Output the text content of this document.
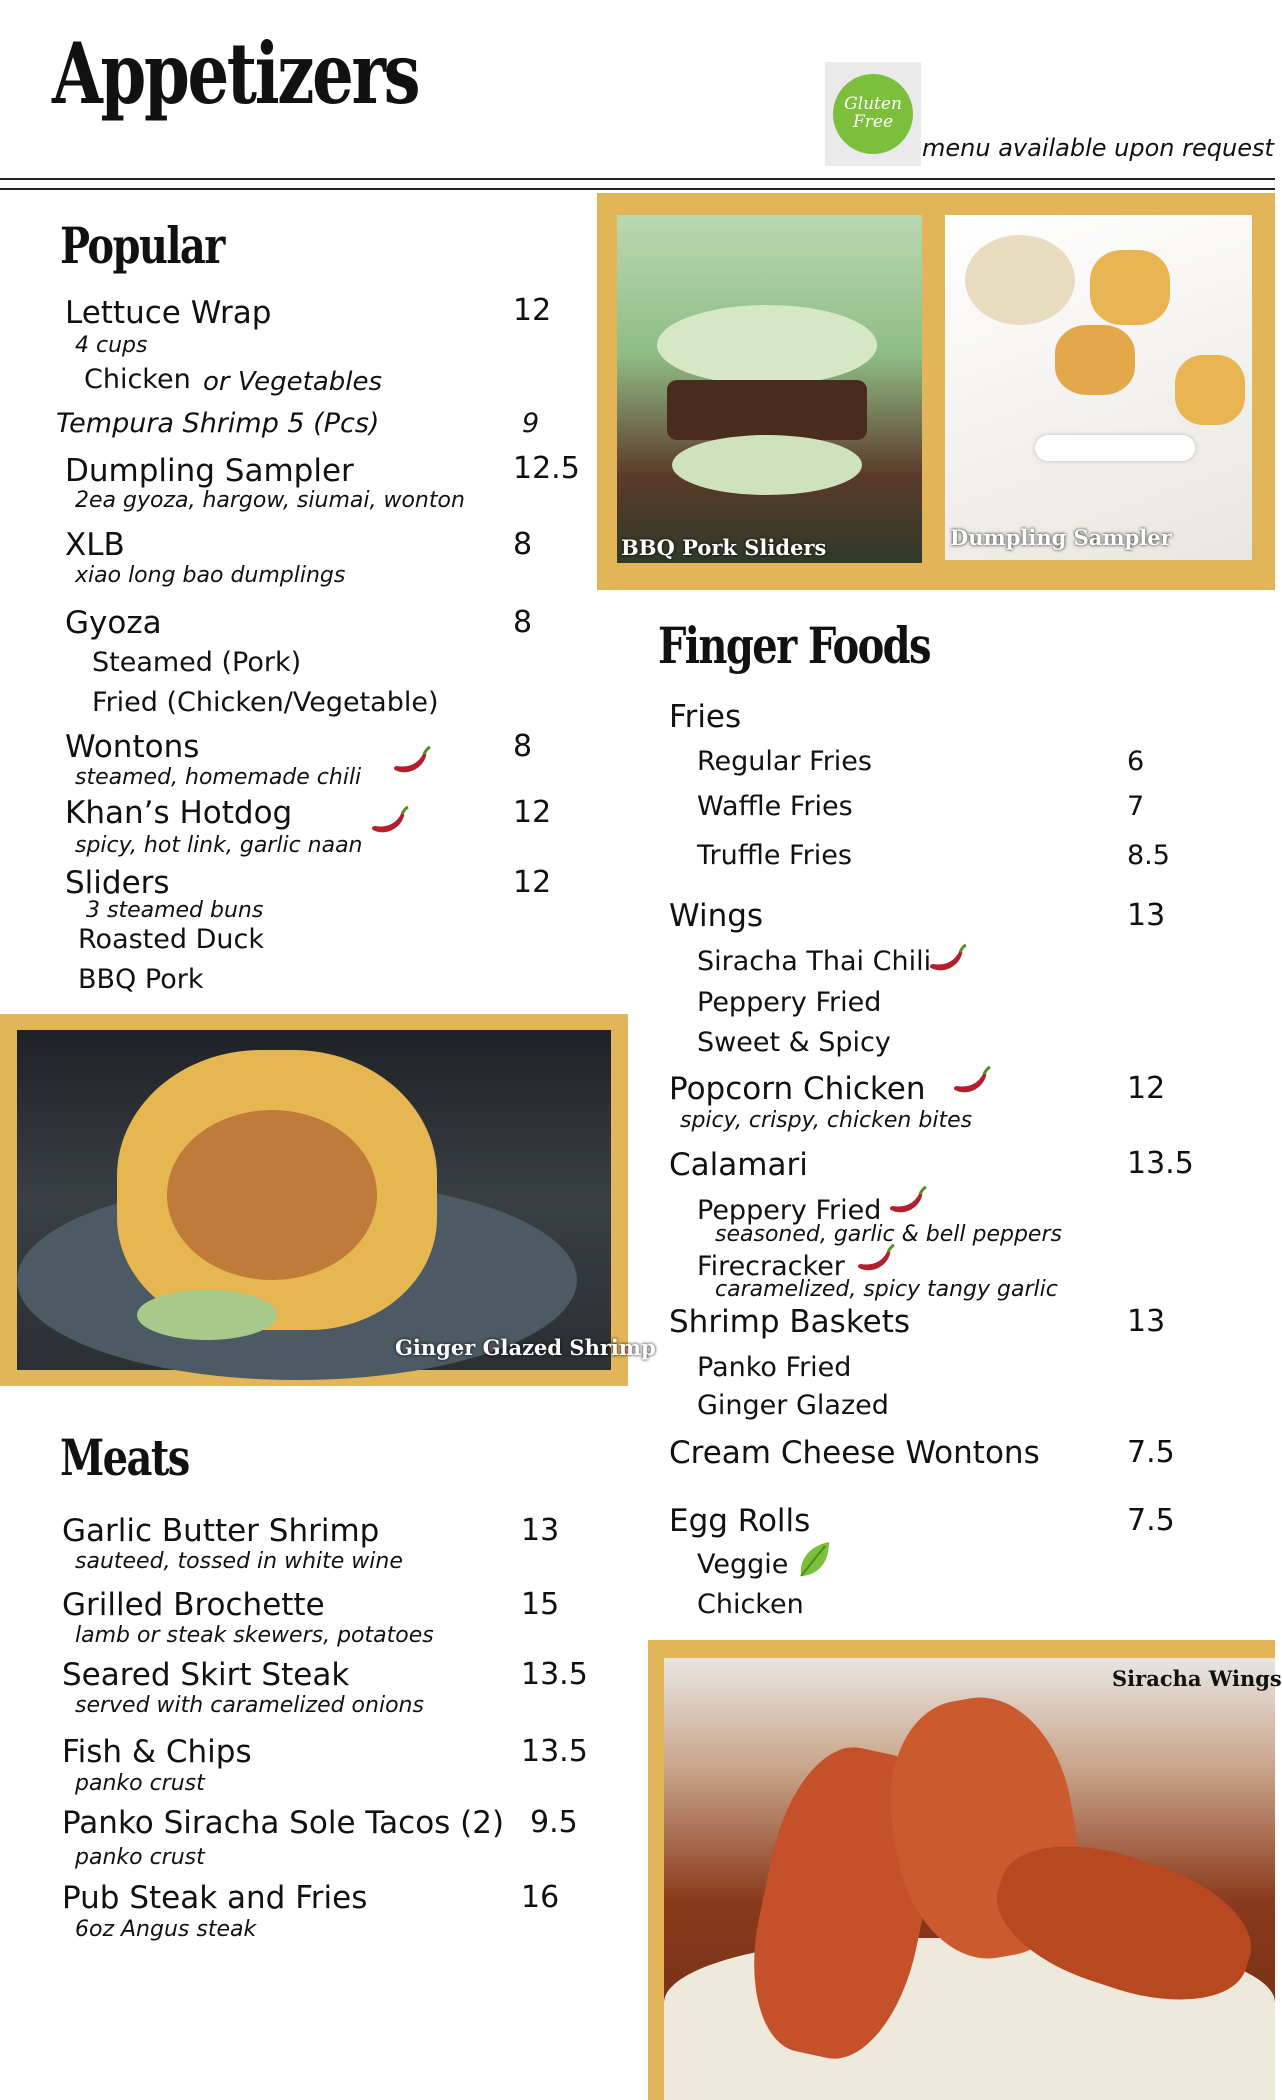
Appetizers	Gluten
Free
menu available upon request
Popular
Lettuce Wrap	12
4 cups
Chicken or Vegetables
Tempura Shrimp 5 (Pcs)	9
Dumpling Sampler	12.5
2ea gyoza, hargow, siumai, wonton
XLB	8
xiao long bao dumplings
Gyoza	8
Steamed (Pork)
Fried (Chicken/Vegetable)
Wontons	8
steamed, homemade chili
Khan’s Hotdog	12
spicy, hot link, garlic naan
Sliders	12
3 steamed buns
Roasted Duck
BBQ Pork
BBQ Pork Sliders	Dumpling Sampler
Ginger Glazed Shrimp
Finger Foods
Fries
Regular Fries	6
Waffle Fries	7
Truffle Fries	8.5
Wings	13
Siracha Thai Chili
Peppery Fried
Sweet & Spicy
Popcorn Chicken	12
spicy, crispy, chicken bites
Calamari	13.5
Peppery Fried
seasoned, garlic & bell peppers
Firecracker
caramelized, spicy tangy garlic
Shrimp Baskets	13
Panko Fried
Ginger Glazed
Cream Cheese Wontons	7.5
Egg Rolls	7.5
Veggie
Chicken
Meats
Garlic Butter Shrimp	13
sauteed, tossed in white wine
Grilled Brochette	15
lamb or steak skewers, potatoes
Seared Skirt Steak	13.5
served with caramelized onions
Fish & Chips	13.5
panko crust
Panko Siracha Sole Tacos (2) 9.5
panko crust
Pub Steak and Fries	16
6oz Angus steak
Siracha Wings
